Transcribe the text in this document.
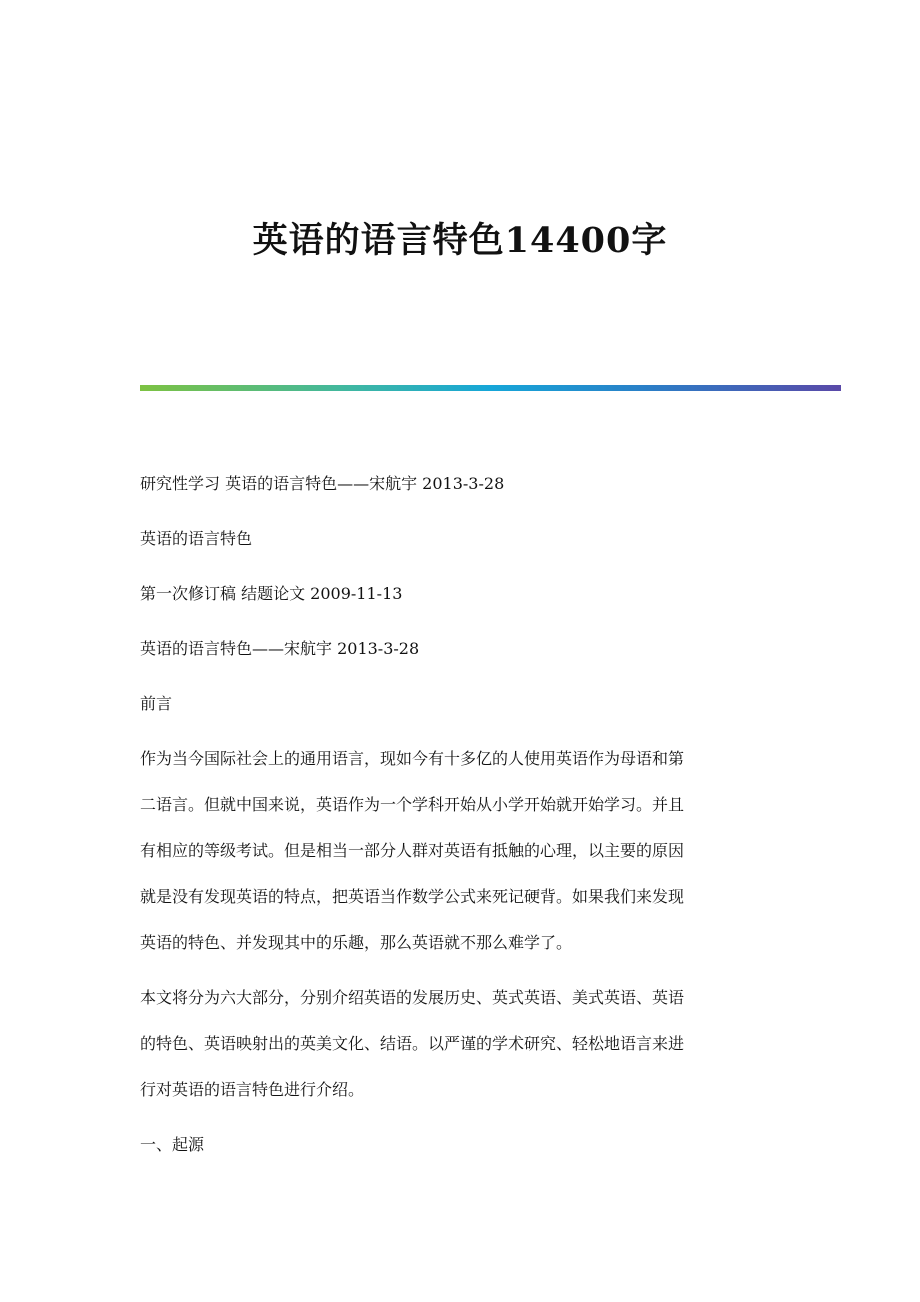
英语的语言特色14400字

研究性学习 英语的语言特色——宋航宇 2013-3-28

英语的语言特色

第一次修订稿 结题论文 2009-11-13

英语的语言特色——宋航宇 2013-3-28

前言

作为当今国际社会上的通用语言，现如今有十多亿的人使用英语作为母语和第
二语言。但就中国来说，英语作为一个学科开始从小学开始就开始学习。并且
有相应的等级考试。但是相当一部分人群对英语有抵触的心理，以主要的原因
就是没有发现英语的特点，把英语当作数学公式来死记硬背。如果我们来发现
英语的特色、并发现其中的乐趣，那么英语就不那么难学了。
本文将分为六大部分，分别介绍英语的发展历史、英式英语、美式英语、英语
的特色、英语映射出的英美文化、结语。以严谨的学术研究、轻松地语言来进
行对英语的语言特色进行介绍。

一、起源
